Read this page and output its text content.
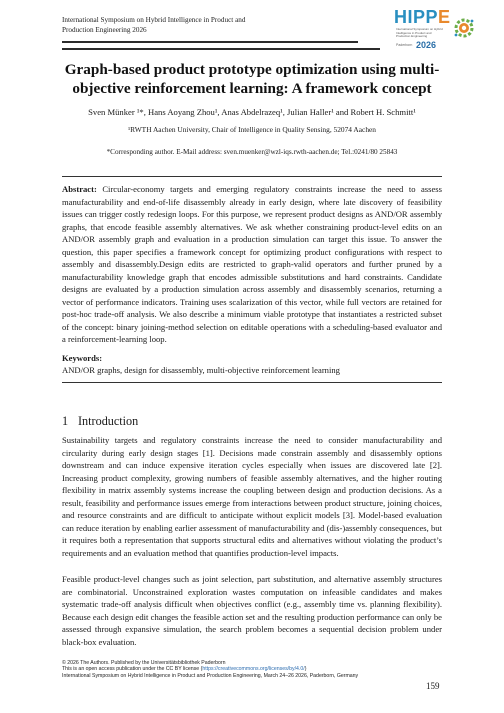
International Symposium on Hybrid Intelligence in Product and
Production Engineering 2026
HIPPE
International Symposium on Hybrid Intelligence in Product and Production Engineering
Paderborn 2026
Graph-based product prototype optimization using multi-objective reinforcement learning: A framework concept
Sven Münker ¹*, Hans Aoyang Zhou¹, Anas Abdelrazeq¹, Julian Haller¹ and Robert H. Schmitt¹
¹RWTH Aachen University, Chair of Intelligence in Quality Sensing, 52074 Aachen
*Corresponding author. E-Mail address: sven.muenker@wzl-iqs.rwth-aachen.de; Tel.:0241/80 25843
Abstract: Circular-economy targets and emerging regulatory constraints increase the need to assess manufacturability and end-of-life disassembly already in early design, where late discovery of feasibility issues can trigger costly redesign loops. For this purpose, we represent product designs as AND/OR assembly graphs, that encode feasible assembly alternatives. We ask whether constraining product-level edits on an AND/OR assembly graph and evaluation in a production simulation can target this issue. To answer the question, this paper specifies a framework concept for optimizing product configurations with respect to assembly and disassembly.Design edits are restricted to graph-valid operators and further pruned by a manufacturability knowledge graph that encodes admissible substitutions and hard constraints. Candidate designs are evaluated by a production simulation across assembly and disassembly scenarios, returning a vector of performance indicators. Training uses scalarization of this vector, while full vectors are retained for post-hoc trade-off analysis. We also describe a minimum viable prototype that instantiates a restricted subset of the concept: binary joining-method selection on editable operations with a scheduling-based evaluator and a reinforcement-learning loop.
Keywords:
AND/OR graphs, design for disassembly, multi-objective reinforcement learning
1 Introduction
Sustainability targets and regulatory constraints increase the need to consider manufacturability and circularity during early design stages [1]. Decisions made constrain assembly and disassembly options downstream and can induce expensive iteration cycles especially when issues are discovered late [2]. Increasing product complexity, growing numbers of feasible assembly alternatives, and the higher routing flexibility in matrix assembly systems increase the coupling between design and production decisions. As a result, feasibility and performance issues emerge from interactions between product structure, joining choices, and resource constraints and are difficult to anticipate without explicit models [3]. Model-based evaluation can reduce iteration by enabling earlier assessment of manufacturability and (dis-)assembly consequences, but it requires both a representation that supports structural edits and alternatives without violating the product’s requirements and an evaluation method that quantifies production-level impacts.
Feasible product-level changes such as joint selection, part substitution, and alternative assembly structures are combinatorial. Unconstrained exploration wastes computation on infeasible candidates and makes systematic trade-off analysis difficult when objectives conflict (e.g., assembly time vs. planning flexibility). Because each design edit changes the feasible action set and the resulting production performance can only be assessed through expansive simulation, the search problem becomes a sequential decision problem under black-box evaluation.
© 2026 The Authors. Published by the Universitätsbibliothek Paderborn
This is an open access publication under the CC BY license (https://creativecommons.org/licenses/by/4.0/)
International Symposium on Hybrid Intelligence in Product and Production Engineering, March 24–26 2026, Paderborn, Germany
159
